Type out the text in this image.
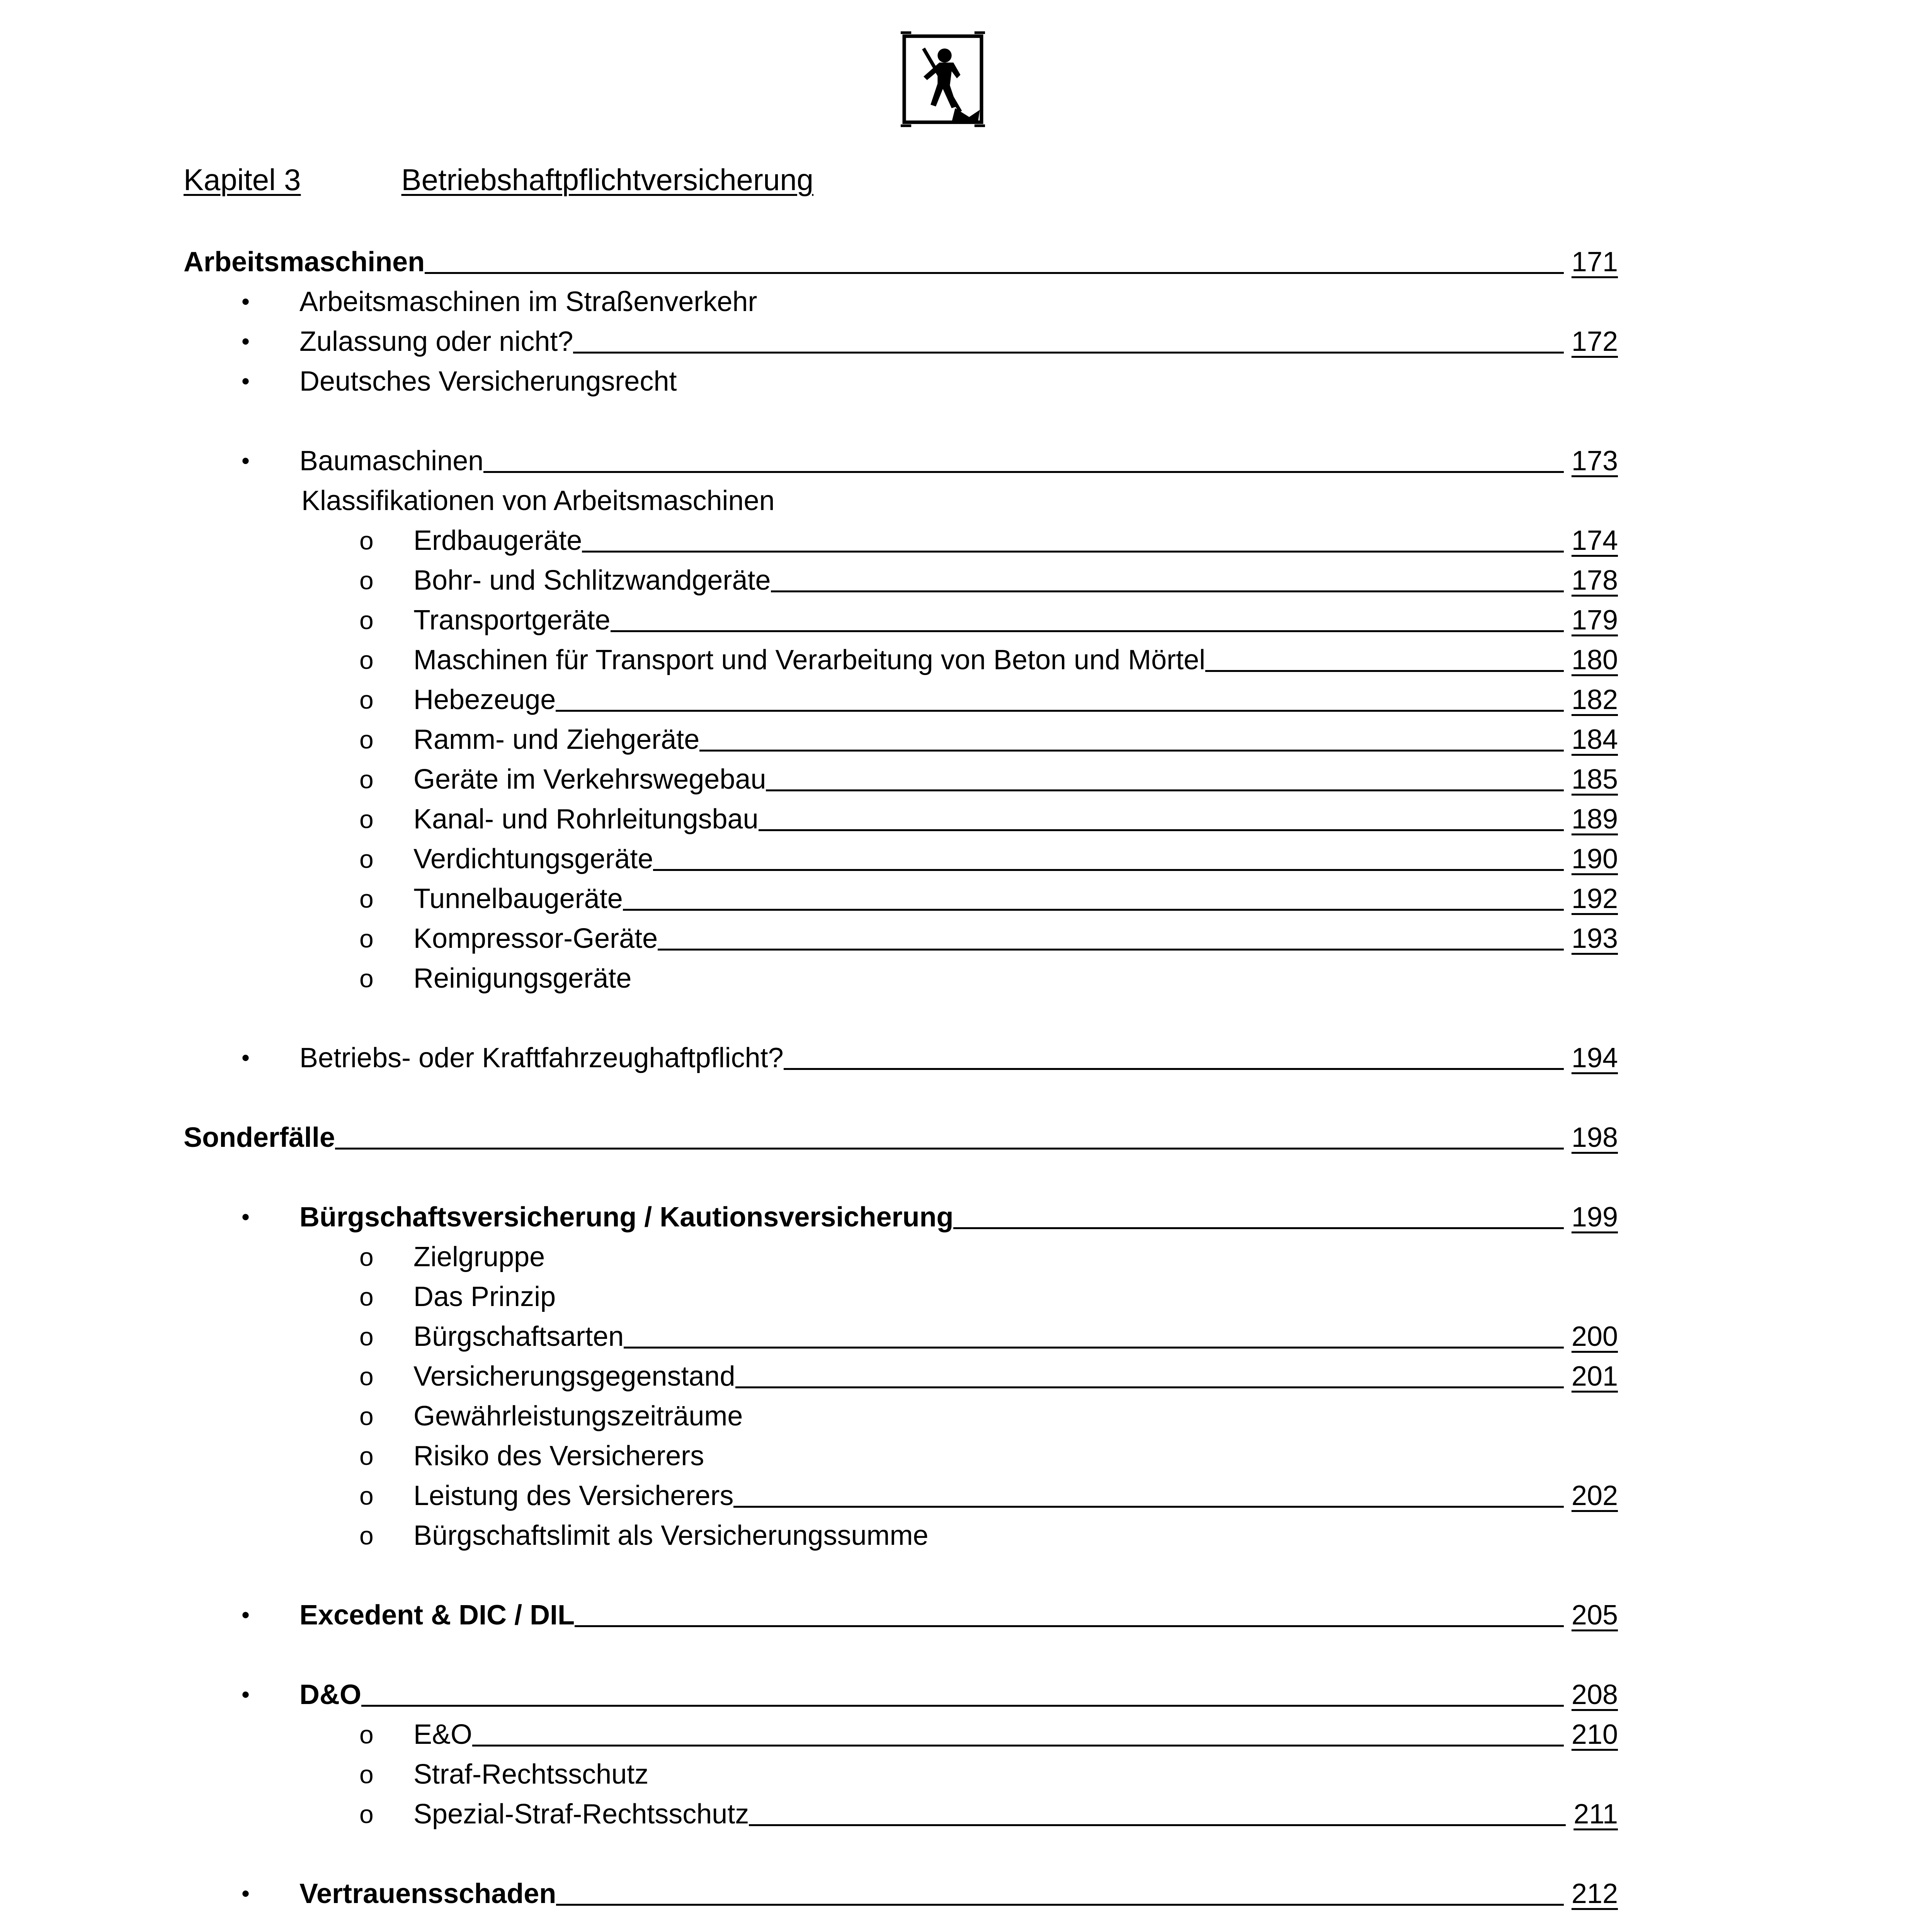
Kapitel 3	Betriebshaftpflichtversicherung
Arbeitsmaschinen	171
• Arbeitsmaschinen im Straßenverkehr
• Zulassung oder nicht?	172
• Deutsches Versicherungsrecht
• Baumaschinen	173
Klassifikationen von Arbeitsmaschinen
o Erdbaugeräte	174
o Bohr- und Schlitzwandgeräte	178
o Transportgeräte	179
o Maschinen für Transport und Verarbeitung von Beton und Mörtel	180
o Hebezeuge	182
o Ramm- und Ziehgeräte	184
o Geräte im Verkehrswegebau	185
o Kanal- und Rohrleitungsbau	189
o Verdichtungsgeräte	190
o Tunnelbaugeräte	192
o Kompressor-Geräte	193
o Reinigungsgeräte
• Betriebs- oder Kraftfahrzeughaftpflicht?	194
Sonderfälle	198
• Bürgschaftsversicherung / Kautionsversicherung	199
o Zielgruppe
o Das Prinzip
o Bürgschaftsarten	200
o Versicherungsgegenstand	201
o Gewährleistungszeiträume
o Risiko des Versicherers
o Leistung des Versicherers	202
o Bürgschaftslimit als Versicherungssumme
• Excedent & DIC / DIL	205
• D&O	208
o E&O	210
o Straf-Rechtsschutz
o Spezial-Straf-Rechtsschutz	211
• Vertrauensschaden	212
